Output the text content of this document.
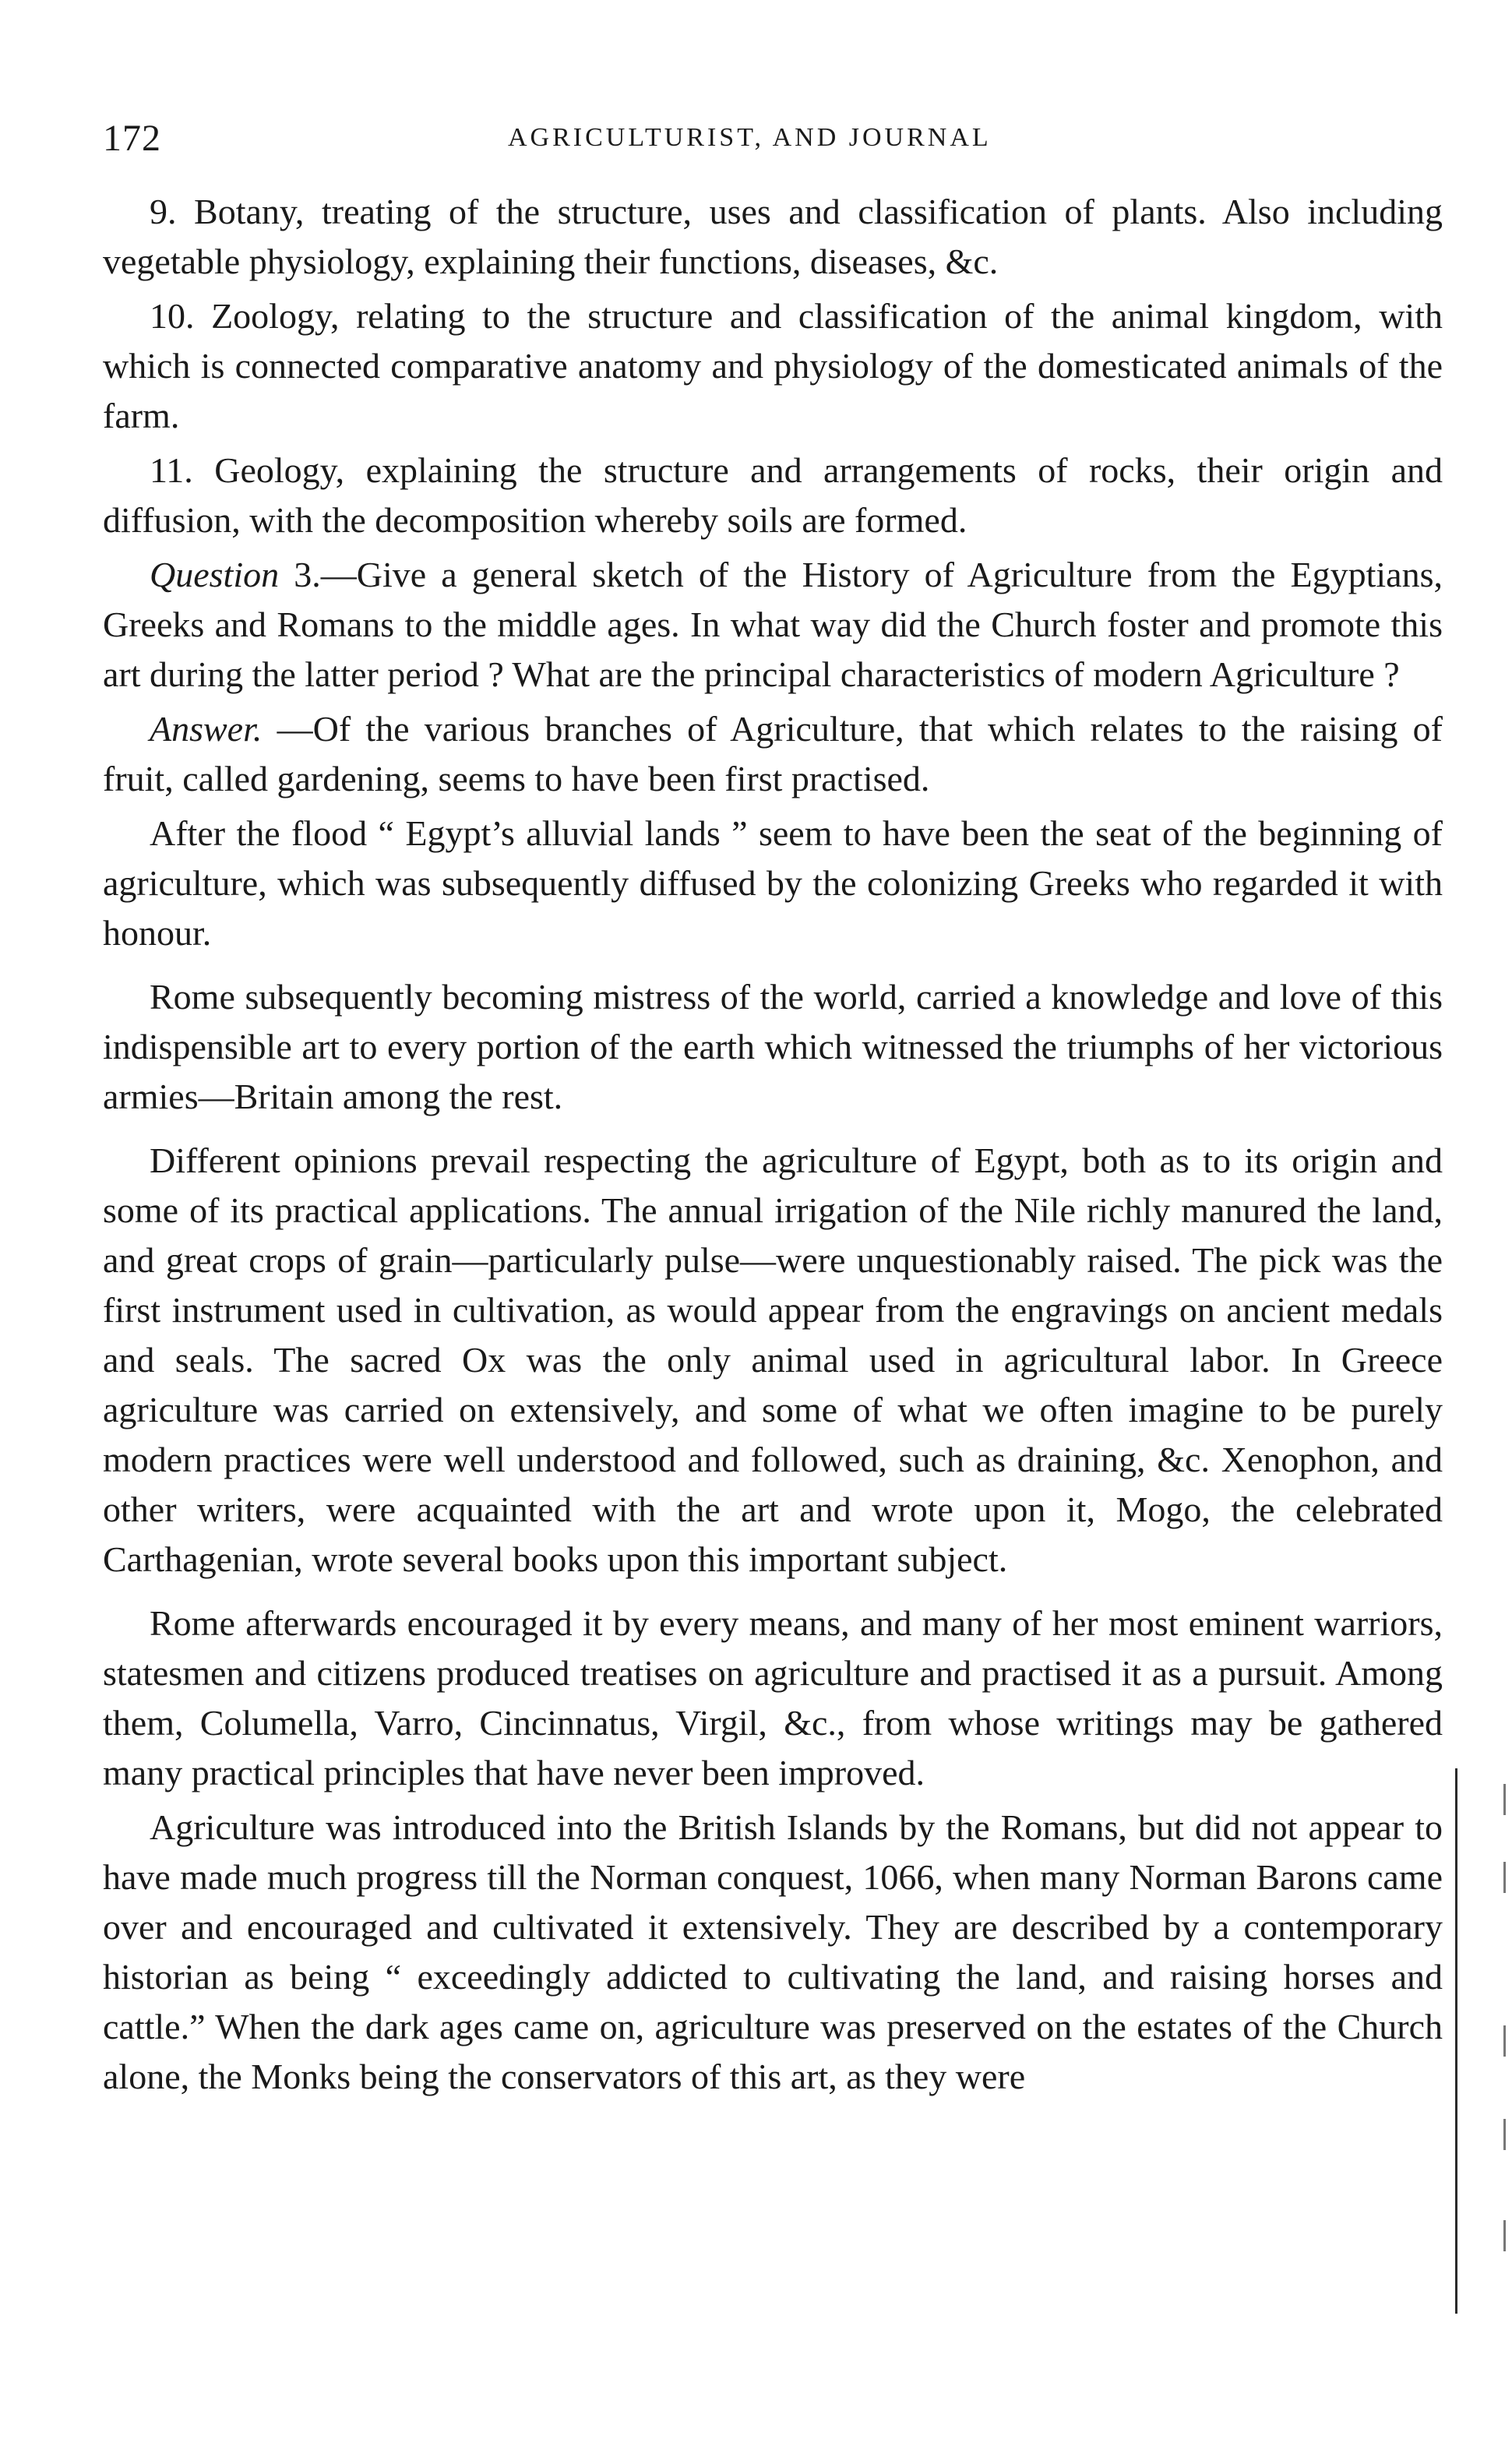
172	AGRICULTURIST, AND JOURNAL

9. Botany, treating of the structure, uses and classification of plants. Also including vegetable physiology, explaining their functions, diseases, &c.

10. Zoology, relating to the structure and classification of the animal kingdom, with which is connected comparative anatomy and physiology of the domesticated animals of the farm.

11. Geology, explaining the structure and arrangements of rocks, their origin and diffusion, with the decomposition whereby soils are formed.

Question 3.—Give a general sketch of the History of Agriculture from the Egyptians, Greeks and Romans to the middle ages. In what way did the Church foster and promote this art during the latter period ? What are the principal characteristics of modern Agriculture ?

Answer. —Of the various branches of Agriculture, that which relates to the raising of fruit, called gardening, seems to have been first practised.

After the flood “ Egypt’s alluvial lands ” seem to have been the seat of the beginning of agriculture, which was subsequently diffused by the colonizing Greeks who regarded it with honour.

Rome subsequently becoming mistress of the world, carried a knowledge and love of this indispensible art to every portion of the earth which witnessed the triumphs of her victorious armies—Britain among the rest.

Different opinions prevail respecting the agriculture of Egypt, both as to its origin and some of its practical applications. The annual irrigation of the Nile richly manured the land, and great crops of grain—particularly pulse—were unquestionably raised. The pick was the first instrument used in cultivation, as would appear from the engravings on ancient medals and seals. The sacred Ox was the only animal used in agricultural labor. In Greece agriculture was carried on extensively, and some of what we often imagine to be purely modern practices were well understood and followed, such as draining, &c. Xenophon, and other writers, were acquainted with the art and wrote upon it, Mogo, the celebrated Carthagenian, wrote several books upon this important subject.

Rome afterwards encouraged it by every means, and many of her most eminent warriors, statesmen and citizens produced treatises on agriculture and practised it as a pursuit. Among them, Columella, Varro, Cincinnatus, Virgil, &c., from whose writings may be gathered many practical principles that have never been improved.

Agriculture was introduced into the British Islands by the Romans, but did not appear to have made much progress till the Norman conquest, 1066, when many Norman Barons came over and encouraged and cultivated it extensively. They are described by a contemporary historian as being “ exceedingly addicted to cultivating the land, and raising horses and cattle.” When the dark ages came on, agriculture was preserved on the estates of the Church alone, the Monks being the conservators of this art, as they were
